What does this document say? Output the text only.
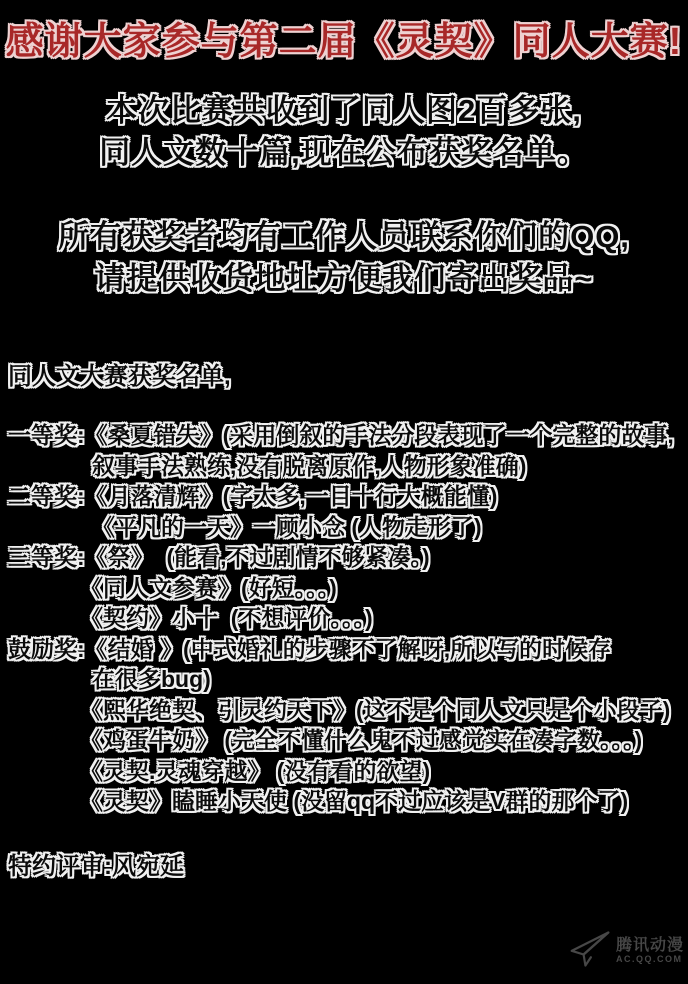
感谢大家参与第二届《灵契》同人大赛!
本次比赛共收到了同人图2百多张,
同人文数十篇,现在公布获奖名单。
所有获奖者均有工作人员联系你们的QQ,
请提供收货地址方便我们寄出奖品~
同人文大赛获奖名单,
一等奖:《桑夏错失》(采用倒叙的手法分段表现了一个完整的故事,
叙事手法熟练,没有脱离原作,人物形象准确)
二等奖:《月落清辉》(字太多,一目十行大概能懂)
《平凡的一天》一顾小念 (人物走形了)
三等奖:《祭》  (能看,不过剧情不够紧凑。)
《同人文参赛》(好短。。。)
《契约》小十  (不想评价。。。)
鼓励奖:《结婚 》(中式婚礼的步骤不了解呀,所以写的时候存
在很多bug)
《熙华绝契、引灵约天下》(这不是个同人文只是个小段子)
《鸡蛋牛奶》 (完全不懂什么鬼不过感觉实在凑字数。。。)
《灵契.灵魂穿越》 (没有看的欲望)
《灵契》瞌睡小天使 (没留qq不过应该是V群的那个了)
特约评审:风宛延
腾讯动漫
AC.QQ.COM
